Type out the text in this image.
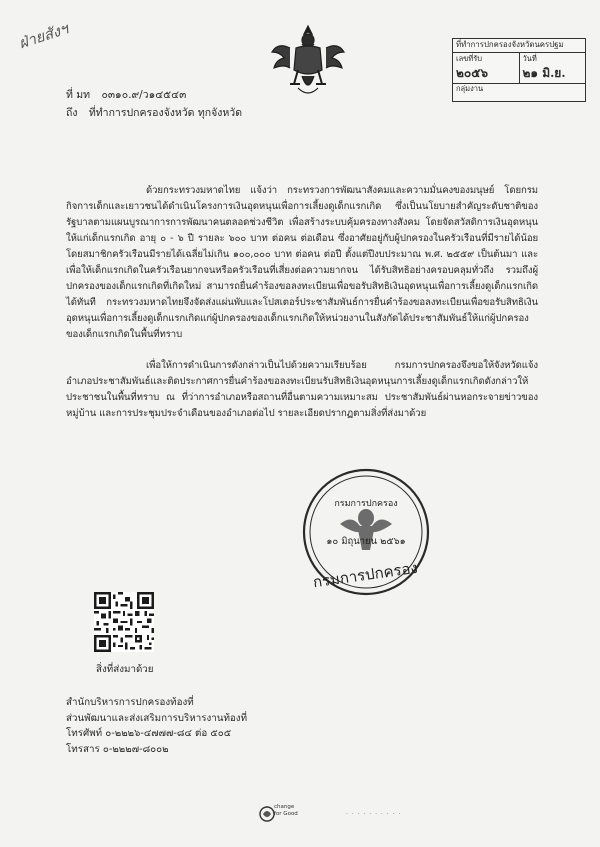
ฝ่ายสังฯ	ที่ทำการปกครองจังหวัดนครปฐม
เลขที่รับ
๒๐๕๖
วันที่
๒๑ มิ.ย.
กลุ่มงาน
ที่ มท ๐๓๑๐.๙/ว๑๔๕๔๓
ถึง ที่ทำการปกครองจังหวัด ทุกจังหวัด
ด้วยกระทรวงมหาดไทย แจ้งว่า กระทรวงการพัฒนาสังคมและความมั่นคงของมนุษย์ โดยกรมกิจการเด็กและเยาวชนได้ดำเนินโครงการเงินอุดหนุนเพื่อการเลี้ยงดูเด็กแรกเกิด ซึ่งเป็นนโยบายสำคัญระดับชาติของรัฐบาลตามแผนบูรณาการการพัฒนาคนตลอดช่วงชีวิต เพื่อสร้างระบบคุ้มครองทางสังคม โดยจัดสวัสดิการเงินอุดหนุนให้แก่เด็กแรกเกิด อายุ ๐ - ๖ ปี รายละ ๖๐๐ บาท ต่อคน ต่อเดือน ซึ่งอาศัยอยู่กับผู้ปกครองในครัวเรือนที่มีรายได้น้อย โดยสมาชิกครัวเรือนมีรายได้เฉลี่ยไม่เกิน ๑๐๐,๐๐๐ บาท ต่อคน ต่อปี ตั้งแต่ปีงบประมาณ พ.ศ. ๒๕๕๙ เป็นต้นมา และเพื่อให้เด็กแรกเกิดในครัวเรือนยากจนหรือครัวเรือนที่เสี่ยงต่อความยากจน ได้รับสิทธิอย่างครอบคลุมทั่วถึง รวมถึงผู้ปกครองของเด็กแรกเกิดที่เกิดใหม่ สามารถยื่นคำร้องขอลงทะเบียนเพื่อขอรับสิทธิเงินอุดหนุนเพื่อการเลี้ยงดูเด็กแรกเกิดได้ทันที กระทรวงมหาดไทยจึงจัดส่งแผ่นพับและโปสเตอร์ประชาสัมพันธ์การยื่นคำร้องขอลงทะเบียนเพื่อขอรับสิทธิเงินอุดหนุนเพื่อการเลี้ยงดูเด็กแรกเกิดแก่ผู้ปกครองของเด็กแรกเกิดให้หน่วยงานในสังกัดได้ประชาสัมพันธ์ให้แก่ผู้ปกครองของเด็กแรกเกิดในพื้นที่ทราบ
เพื่อให้การดำเนินการดังกล่าวเป็นไปด้วยความเรียบร้อย กรมการปกครองจึงขอให้จังหวัดแจ้งอำเภอประชาสัมพันธ์และติดประกาศการยื่นคำร้องขอลงทะเบียนรับสิทธิเงินอุดหนุนการเลี้ยงดูเด็กแรกเกิดดังกล่าวให้ประชาชนในพื้นที่ทราบ ณ ที่ว่าการอำเภอหรือสถานที่อื่นตามความเหมาะสม ประชาสัมพันธ์ผ่านหอกระจายข่าวของหมู่บ้าน และการประชุมประจำเดือนของอำเภอต่อไป รายละเอียดปรากฏตามสิ่งที่ส่งมาด้วย
๑๐ มิถุนายน ๒๕๖๑
กรมการปกครอง
กรมการปกครอง
สิ่งที่ส่งมาด้วย
สำนักบริหารการปกครองท้องที่
ส่วนพัฒนาและส่งเสริมการบริหารงานท้องที่
โทรศัพท์ ๐-๒๒๒๖-๔๗๗๗-๘๔ ต่อ ๕๐๕
โทรสาร ๐-๒๒๒๗-๘๐๐๒
change
for Good	· · · · · · · · · ·
